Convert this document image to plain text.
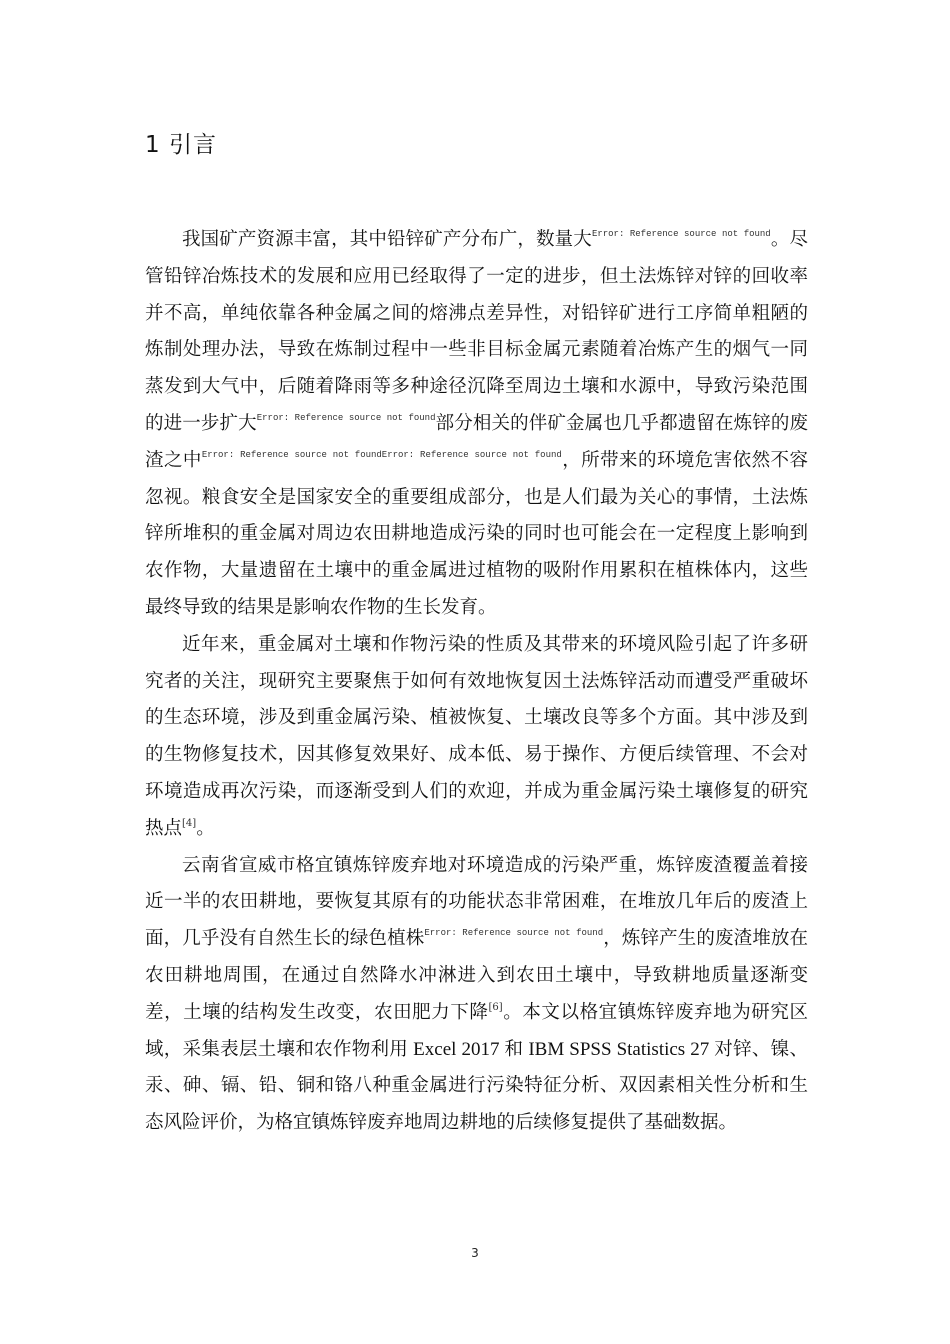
1 引言

我国矿产资源丰富，其中铅锌矿产分布广，数量大$^{Error: Reference source not found}$。尽管铅锌冶炼技术的发展和应用已经取得了一定的进步，但土法炼锌对锌的回收率并不高，单纯依靠各种金属之间的熔沸点差异性，对铅锌矿进行工序简单粗陋的炼制处理办法，导致在炼制过程中一些非目标金属元素随着冶炼产生的烟气一同蒸发到大气中，后随着降雨等多种途径沉降至周边土壤和水源中，导致污染范围的进一步扩大$^{Error: Reference source not found}$部分相关的伴矿金属也几乎都遗留在炼锌的废渣之中$^{Error: Reference source not foundError: Reference source not found}$，所带来的环境危害依然不容忽视。粮食安全是国家安全的重要组成部分，也是人们最为关心的事情，土法炼锌所堆积的重金属对周边农田耕地造成污染的同时也可能会在一定程度上影响到农作物，大量遗留在土壤中的重金属进过植物的吸附作用累积在植株体内，这些最终导致的结果是影响农作物的生长发育。

近年来，重金属对土壤和作物污染的性质及其带来的环境风险引起了许多研究者的关注，现研究主要聚焦于如何有效地恢复因土法炼锌活动而遭受严重破坏的生态环境，涉及到重金属污染、植被恢复、土壤改良等多个方面。其中涉及到的生物修复技术，因其修复效果好、成本低、易于操作、方便后续管理、不会对环境造成再次污染，而逐渐受到人们的欢迎，并成为重金属污染土壤修复的研究热点[4]。

云南省宣威市格宜镇炼锌废弃地对环境造成的污染严重，炼锌废渣覆盖着接近一半的农田耕地，要恢复其原有的功能状态非常困难，在堆放几年后的废渣上面，几乎没有自然生长的绿色植株$^{Error: Reference source not found}$，炼锌产生的废渣堆放在农田耕地周围，在通过自然降水冲淋进入到农田土壤中，导致耕地质量逐渐变差，土壤的结构发生改变，农田肥力下降[6]。本文以格宜镇炼锌废弃地为研究区域，采集表层土壤和农作物利用 Excel 2017 和 IBM SPSS Statistics 27 对锌、镍、汞、砷、镉、铅、铜和铬八种重金属进行污染特征分析、双因素相关性分析和生态风险评价，为格宜镇炼锌废弃地周边耕地的后续修复提供了基础数据。

3
